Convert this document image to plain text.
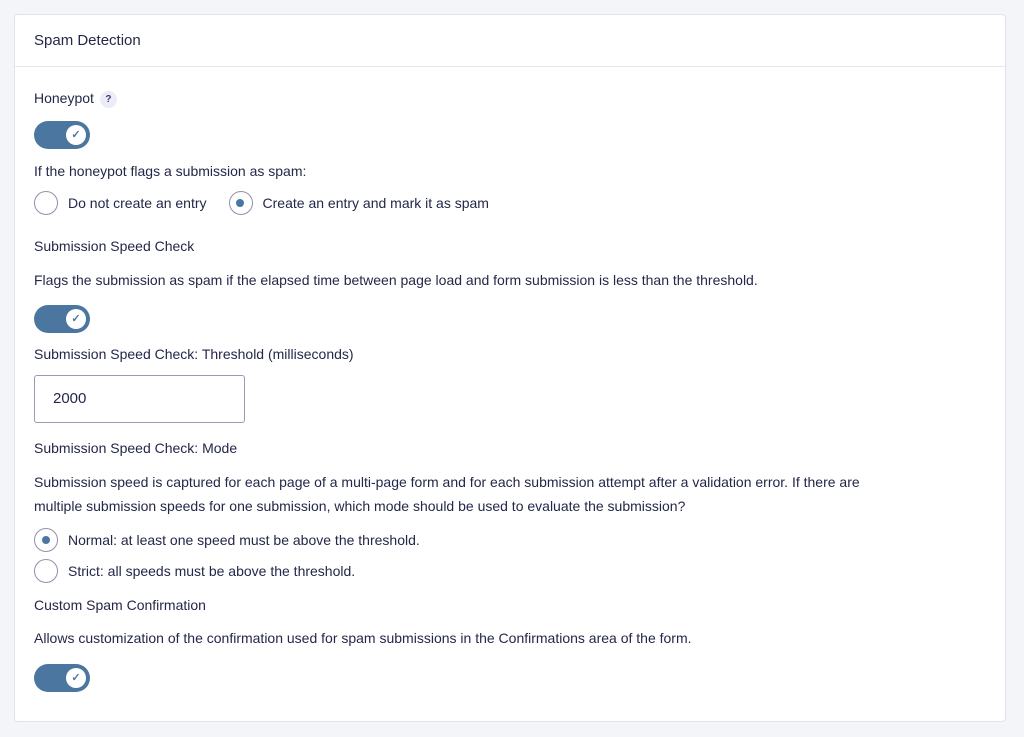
Spam Detection
Honeypot ?
✓
If the honeypot flags a submission as spam:
Do not create an entry	Create an entry and mark it as spam
Submission Speed Check
Flags the submission as spam if the elapsed time between page load and form submission is less than the threshold.
✓
Submission Speed Check: Threshold (milliseconds)
2000
Submission Speed Check: Mode
Submission speed is captured for each page of a multi-page form and for each submission attempt after a validation error. If there are
multiple submission speeds for one submission, which mode should be used to evaluate the submission?
Normal: at least one speed must be above the threshold.
Strict: all speeds must be above the threshold.
Custom Spam Confirmation
Allows customization of the confirmation used for spam submissions in the Confirmations area of the form.
✓
